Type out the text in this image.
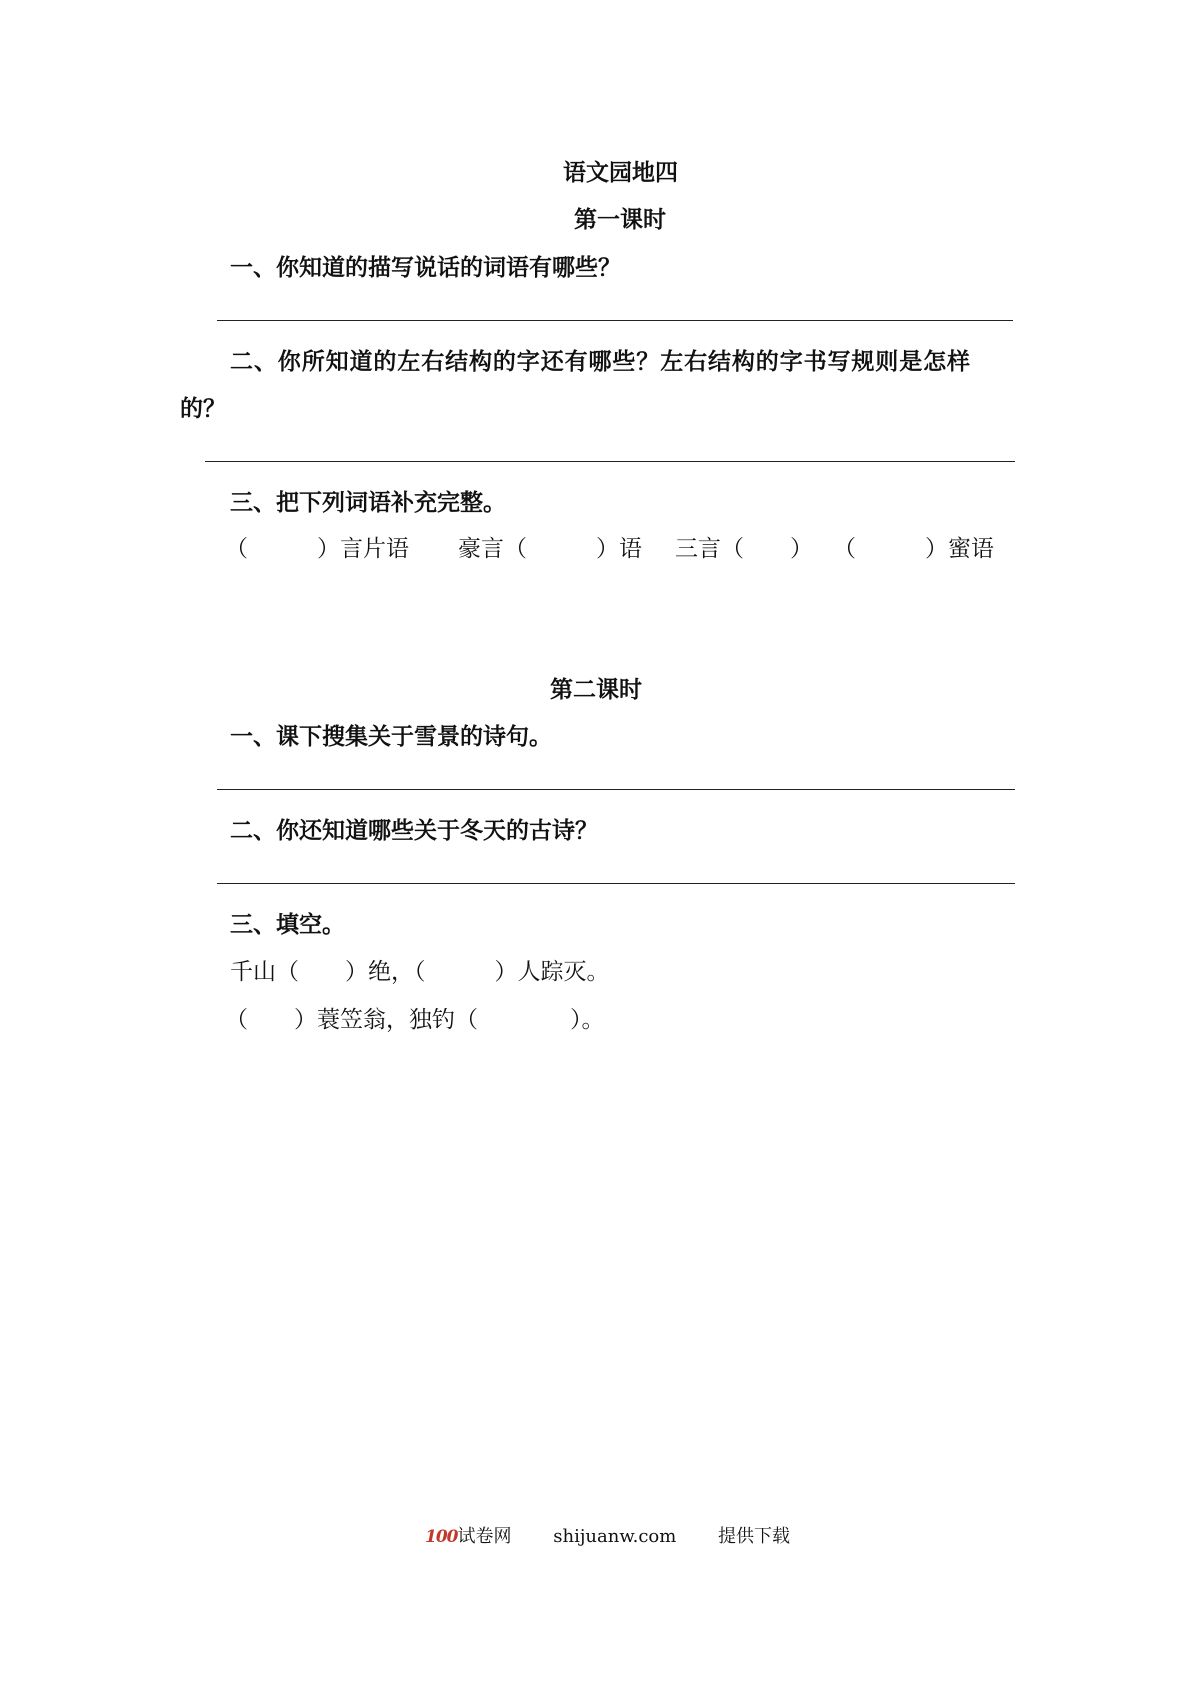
语文园地四
第一课时
一、你知道的描写说话的词语有哪些？
二、你所知道的左右结构的字还有哪些？左右结构的字书写规则是怎样
的？
三、把下列词语补充完整。
（　　　）言片语 豪言（　　　）语 三言（　　） （　　　）蜜语
第二课时
一、课下搜集关于雪景的诗句。
二、你还知道哪些关于冬天的古诗？
三、填空。
千山（　　）绝，（　　　）人踪灭。
（　　）蓑笠翁，独钓（　　　　）。
100试卷网 shijuanw.com 提供下载
